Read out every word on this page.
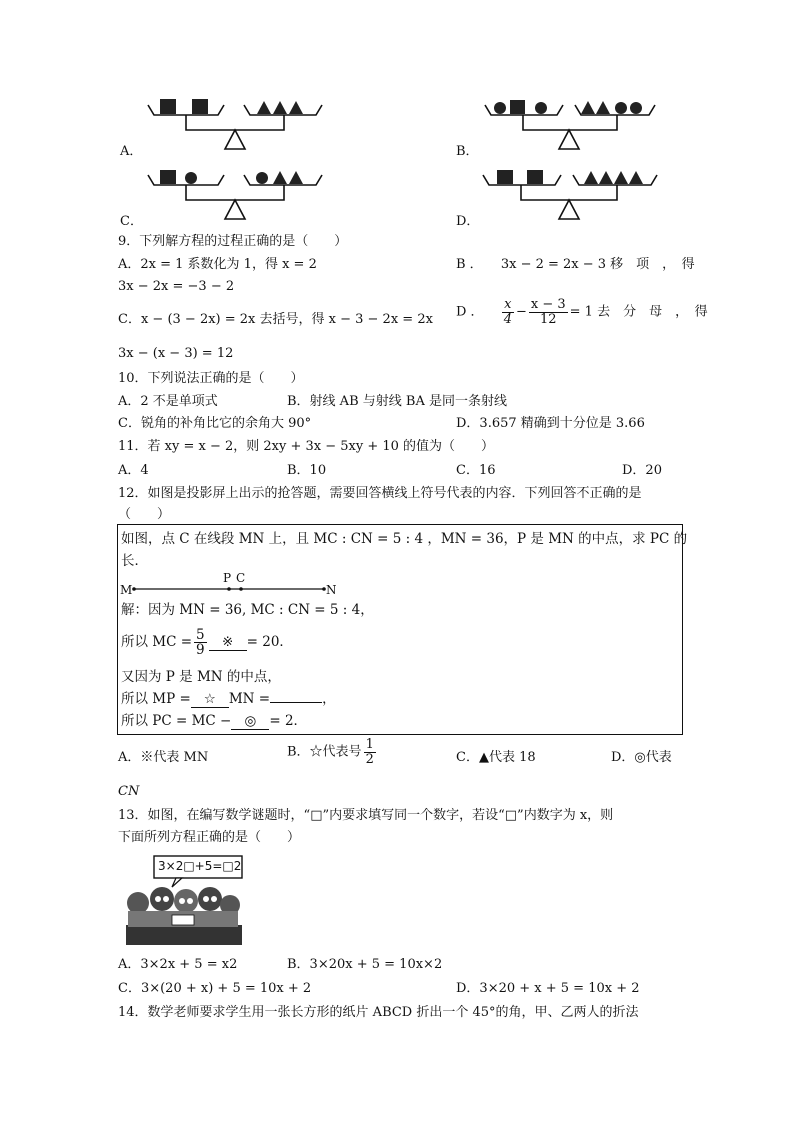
A．	B．
C．	D．
9．下列解方程的过程正确的是（　　）
A．2x = 1 系数化为 1，得 x = 2	B ． 3x − 2 = 2x − 3 移　项　，　得
3x − 2x = −3 − 2
C．x − (3 − 2x) = 2x 去括号，得 x − 3 − 2x = 2x D ． $\frac{x}{4} - \frac{x - 3}{12} = 1$ 去　分　母　，　得
3x − (x − 3) = 12
10．下列说法正确的是（　　）
A．2 不是单项式	B．射线 AB 与射线 BA 是同一条射线
C．锐角的补角比它的余角大 90°	D．3.657 精确到十分位是 3.66
11．若 xy = x − 2，则 2xy + 3x − 5xy + 10 的值为（　　）
A．4	B．10	C．16	D．20
12．如图是投影屏上出示的抢答题，需要回答横线上符号代表的内容．下列回答不正确的是
（　　）
如图，点 C 在线段 MN 上，且 MC : CN = 5 : 4 ，MN = 36，P 是 MN 的中点，求 PC 的
长．
M
P C
N
解：因为 MN = 36, MC : CN = 5 : 4，
所以 MC = $\frac{5}{9}$ ※ = 20．
又因为 P 是 MN 的中点，
所以 MP = ☆ MN =	，
所以 PC = MC − ◎ = 2．
A．※代表 MN	B．☆代表号 $\frac{1}{2}$	C．▲代表 18	D．◎代表
CN
13．如图，在编写数学谜题时，“□”内要求填写同一个数字，若设“□”内数字为 x，则
下面所列方程正确的是（　　）
3×2□+5=□2
A．3×2x + 5 = x2	B．3×20x + 5 = 10x×2
C．3×(20 + x) + 5 = 10x + 2	D．3×20 + x + 5 = 10x + 2
14．数学老师要求学生用一张长方形的纸片 ABCD 折出一个 45°的角，甲、乙两人的折法
